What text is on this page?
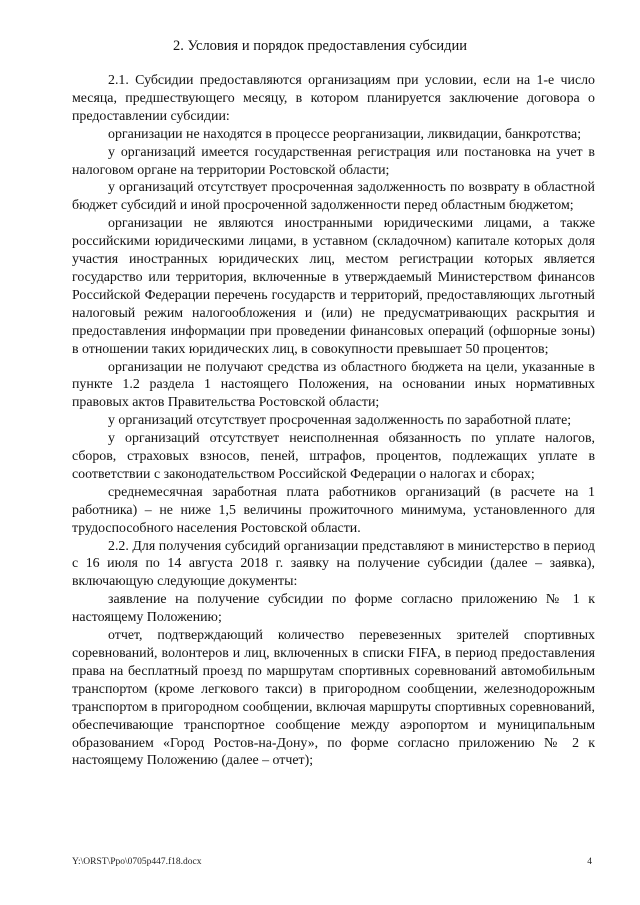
2. Условия и порядок предоставления субсидии

2.1. Субсидии предоставляются организациям при условии, если на 1-е число месяца, предшествующего месяцу, в котором планируется заключение договора о предоставлении субсидии:

организации не находятся в процессе реорганизации, ликвидации, банкротства;

у организаций имеется государственная регистрация или постановка на учет в налоговом органе на территории Ростовской области;

у организаций отсутствует просроченная задолженность по возврату в областной бюджет субсидий и иной просроченной задолженности перед областным бюджетом;

организации не являются иностранными юридическими лицами, а также российскими юридическими лицами, в уставном (складочном) капитале которых доля участия иностранных юридических лиц, местом регистрации которых является государство или территория, включенные в утверждаемый Министерством финансов Российской Федерации перечень государств и территорий, предоставляющих льготный налоговый режим налогообложения и (или) не предусматривающих раскрытия и предоставления информации при проведении финансовых операций (офшорные зоны) в отношении таких юридических лиц, в совокупности превышает 50 процентов;

организации не получают средства из областного бюджета на цели, указанные в пункте 1.2 раздела 1 настоящего Положения, на основании иных нормативных правовых актов Правительства Ростовской области;

у организаций отсутствует просроченная задолженность по заработной плате;

у организаций отсутствует неисполненная обязанность по уплате налогов, сборов, страховых взносов, пеней, штрафов, процентов, подлежащих уплате в соответствии с законодательством Российской Федерации о налогах и сборах;

среднемесячная заработная плата работников организаций (в расчете на 1 работника) – не ниже 1,5 величины прожиточного минимума, установленного для трудоспособного населения Ростовской области.

2.2. Для получения субсидий организации представляют в министерство в период с 16 июля по 14 августа 2018 г. заявку на получение субсидии (далее – заявка), включающую следующие документы:

заявление на получение субсидии по форме согласно приложению № 1 к настоящему Положению;

отчет, подтверждающий количество перевезенных зрителей спортивных соревнований, волонтеров и лиц, включенных в списки FIFA, в период предоставления права на бесплатный проезд по маршрутам спортивных соревнований автомобильным транспортом (кроме легкового такси) в пригородном сообщении, железнодорожным транспортом в пригородном сообщении, включая маршруты спортивных соревнований, обеспечивающие транспортное сообщение между аэропортом и муниципальным образованием «Город Ростов-на-Дону», по форме согласно приложению № 2 к настоящему Положению (далее – отчет);

Y:\ORST\Ppo\0705p447.f18.docx	4
